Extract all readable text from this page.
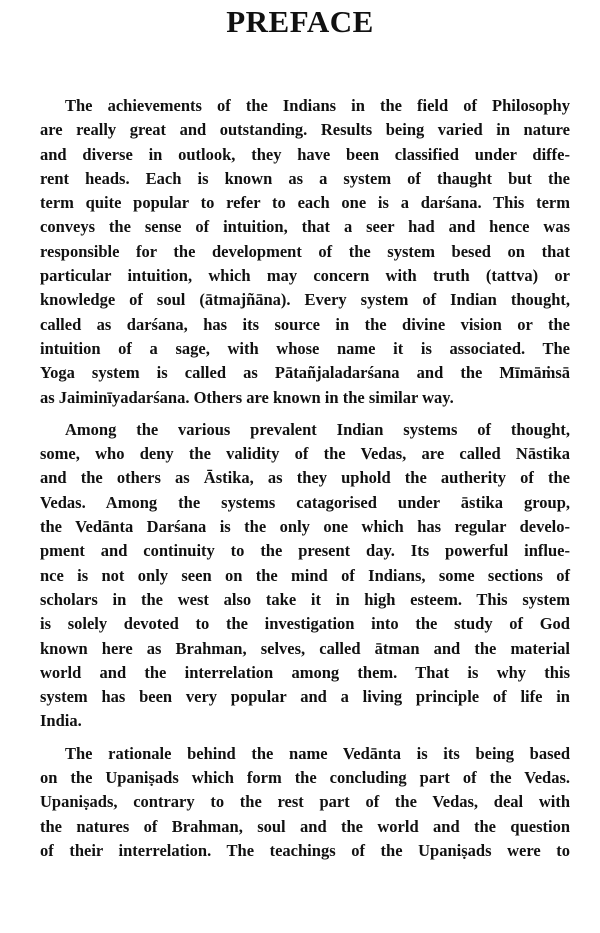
PREFACE

The achievements of the Indians in the field of Philosophy
are really great and outstanding. Results being varied in nature
and diverse in outlook, they have been classified under diffe-
rent heads. Each is known as a system of thaught but the
term quite popular to refer to each one is a darśana. This term
conveys the sense of intuition, that a seer had and hence was
responsible for the development of the system besed on that
particular intuition, which may concern with truth (tattva) or
knowledge of soul (ātmajñāna). Every system of Indian thought,
called as darśana, has its source in the divine vision or the
intuition of a sage, with whose name it is associated. The
Yoga system is called as Pātañjaladarśana and the Mīmāṁsā
as Jaiminīyadarśana. Others are known in the similar way.

Among the various prevalent Indian systems of thought,
some, who deny the validity of the Vedas, are called Nāstika
and the others as Āstika, as they uphold the autherity of the
Vedas. Among the systems catagorised under āstika group,
the Vedānta Darśana is the only one which has regular develo-
pment and continuity to the present day. Its powerful influe-
nce is not only seen on the mind of Indians, some sections of
scholars in the west also take it in high esteem. This system
is solely devoted to the investigation into the study of God
known here as Brahman, selves, called ātman and the material
world and the interrelation among them. That is why this
system has been very popular and a living principle of life in
India.

The rationale behind the name Vedānta is its being based
on the Upaniṣads which form the concluding part of the Vedas.
Upaniṣads, contrary to the rest part of the Vedas, deal with
the natures of Brahman, soul and the world and the question
of their interrelation. The teachings of the Upaniṣads were to
